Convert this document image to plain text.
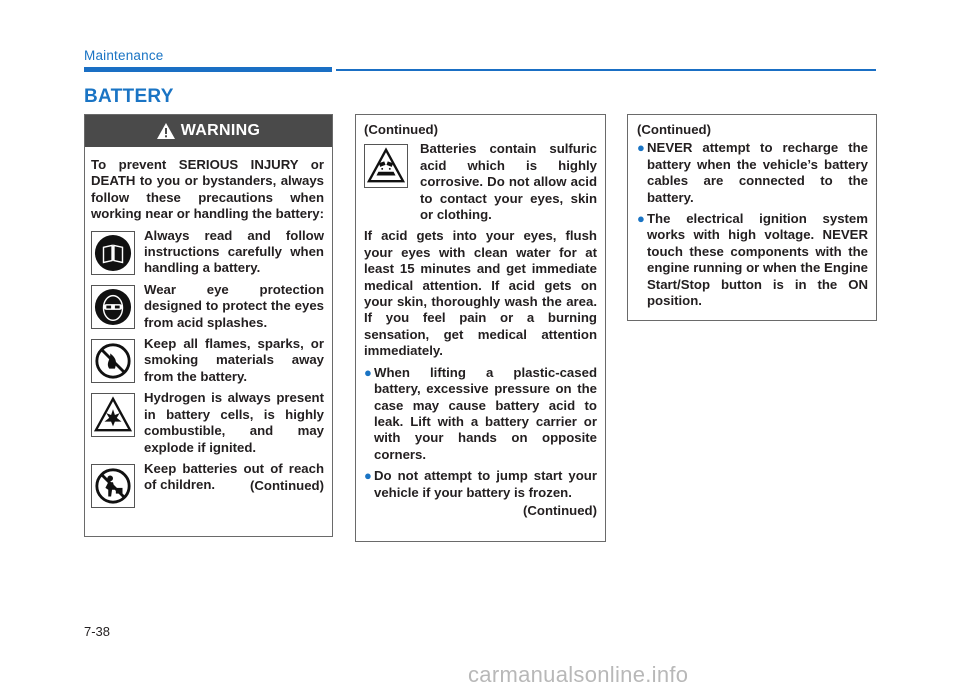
Maintenance
BATTERY
WARNING
To prevent SERIOUS INJURY or DEATH to you or bystanders, always follow these precautions when working near or handling the battery:
Always read and follow instructions carefully when handling a battery.
Wear eye protection designed to protect the eyes from acid splashes.
Keep all flames, sparks, or smoking materials away from the battery.
Hydrogen is always present in battery cells, is highly combustible, and may explode if ignited.
Keep batteries out of reach of children.	(Continued)
(Continued)
Batteries contain sulfuric acid which is highly corrosive. Do not allow acid to contact your eyes, skin or clothing.
If acid gets into your eyes, flush your eyes with clean water for at least 15 minutes and get immediate medical attention. If acid gets on your skin, thoroughly wash the area. If you feel pain or a burning sensation, get medical attention immediately.
● When lifting a plastic-cased battery, excessive pressure on the case may cause battery acid to leak. Lift with a battery carrier or with your hands on opposite corners.
● Do not attempt to jump start your vehicle if your battery is frozen.
(Continued)
(Continued)
● NEVER attempt to recharge the battery when the vehicle’s battery cables are connected to the battery.
● The electrical ignition system works with high voltage. NEVER touch these components with the engine running or when the Engine Start/Stop button is in the ON position.
7-38
carmanualsonline.info
